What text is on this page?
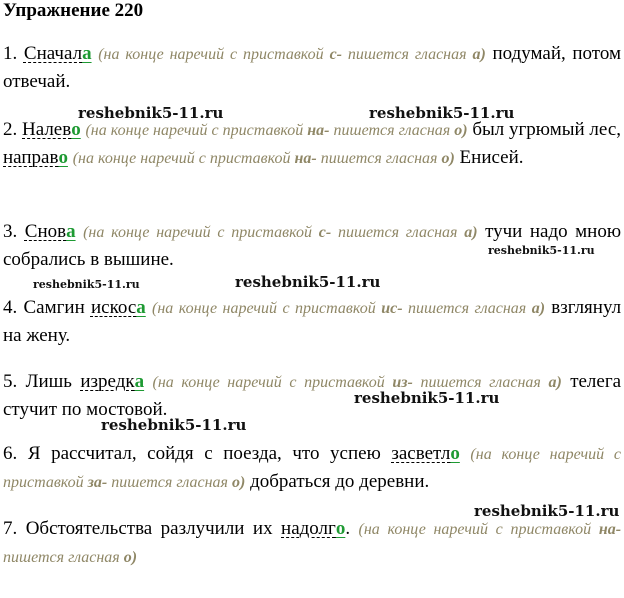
Упражнение 220
1. Сначала (на конце наречий с приставкой с- пишется гласная а) подумай, потом отвечай.
2. Налево (на конце наречий с приставкой на- пишется гласная о) был угрюмый лес, направо (на конце наречий с приставкой на- пишется гласная о) Енисей.
3. Снова (на конце наречий с приставкой с- пишется гласная а) тучи надо мною собрались в вышине.
4. Самгин искоса (на конце наречий с приставкой ис- пишется гласная а) взглянул на жену.
5. Лишь изредка (на конце наречий с приставкой из- пишется гласная а) телега стучит по мостовой.
6. Я рассчитал, сойдя с поезда, что успею засветло (на конце наречий с приставкой за- пишется гласная о) добраться до деревни.
7. Обстоятельства разлучили их надолго. (на конце наречий с приставкой на- пишется гласная о)
reshebnik5-11.ru	reshebnik5-11.ru
reshebnik5-11.ru
reshebnik5-11.ru	reshebnik5-11.ru
reshebnik5-11.ru
reshebnik5-11.ru
reshebnik5-11.ru
